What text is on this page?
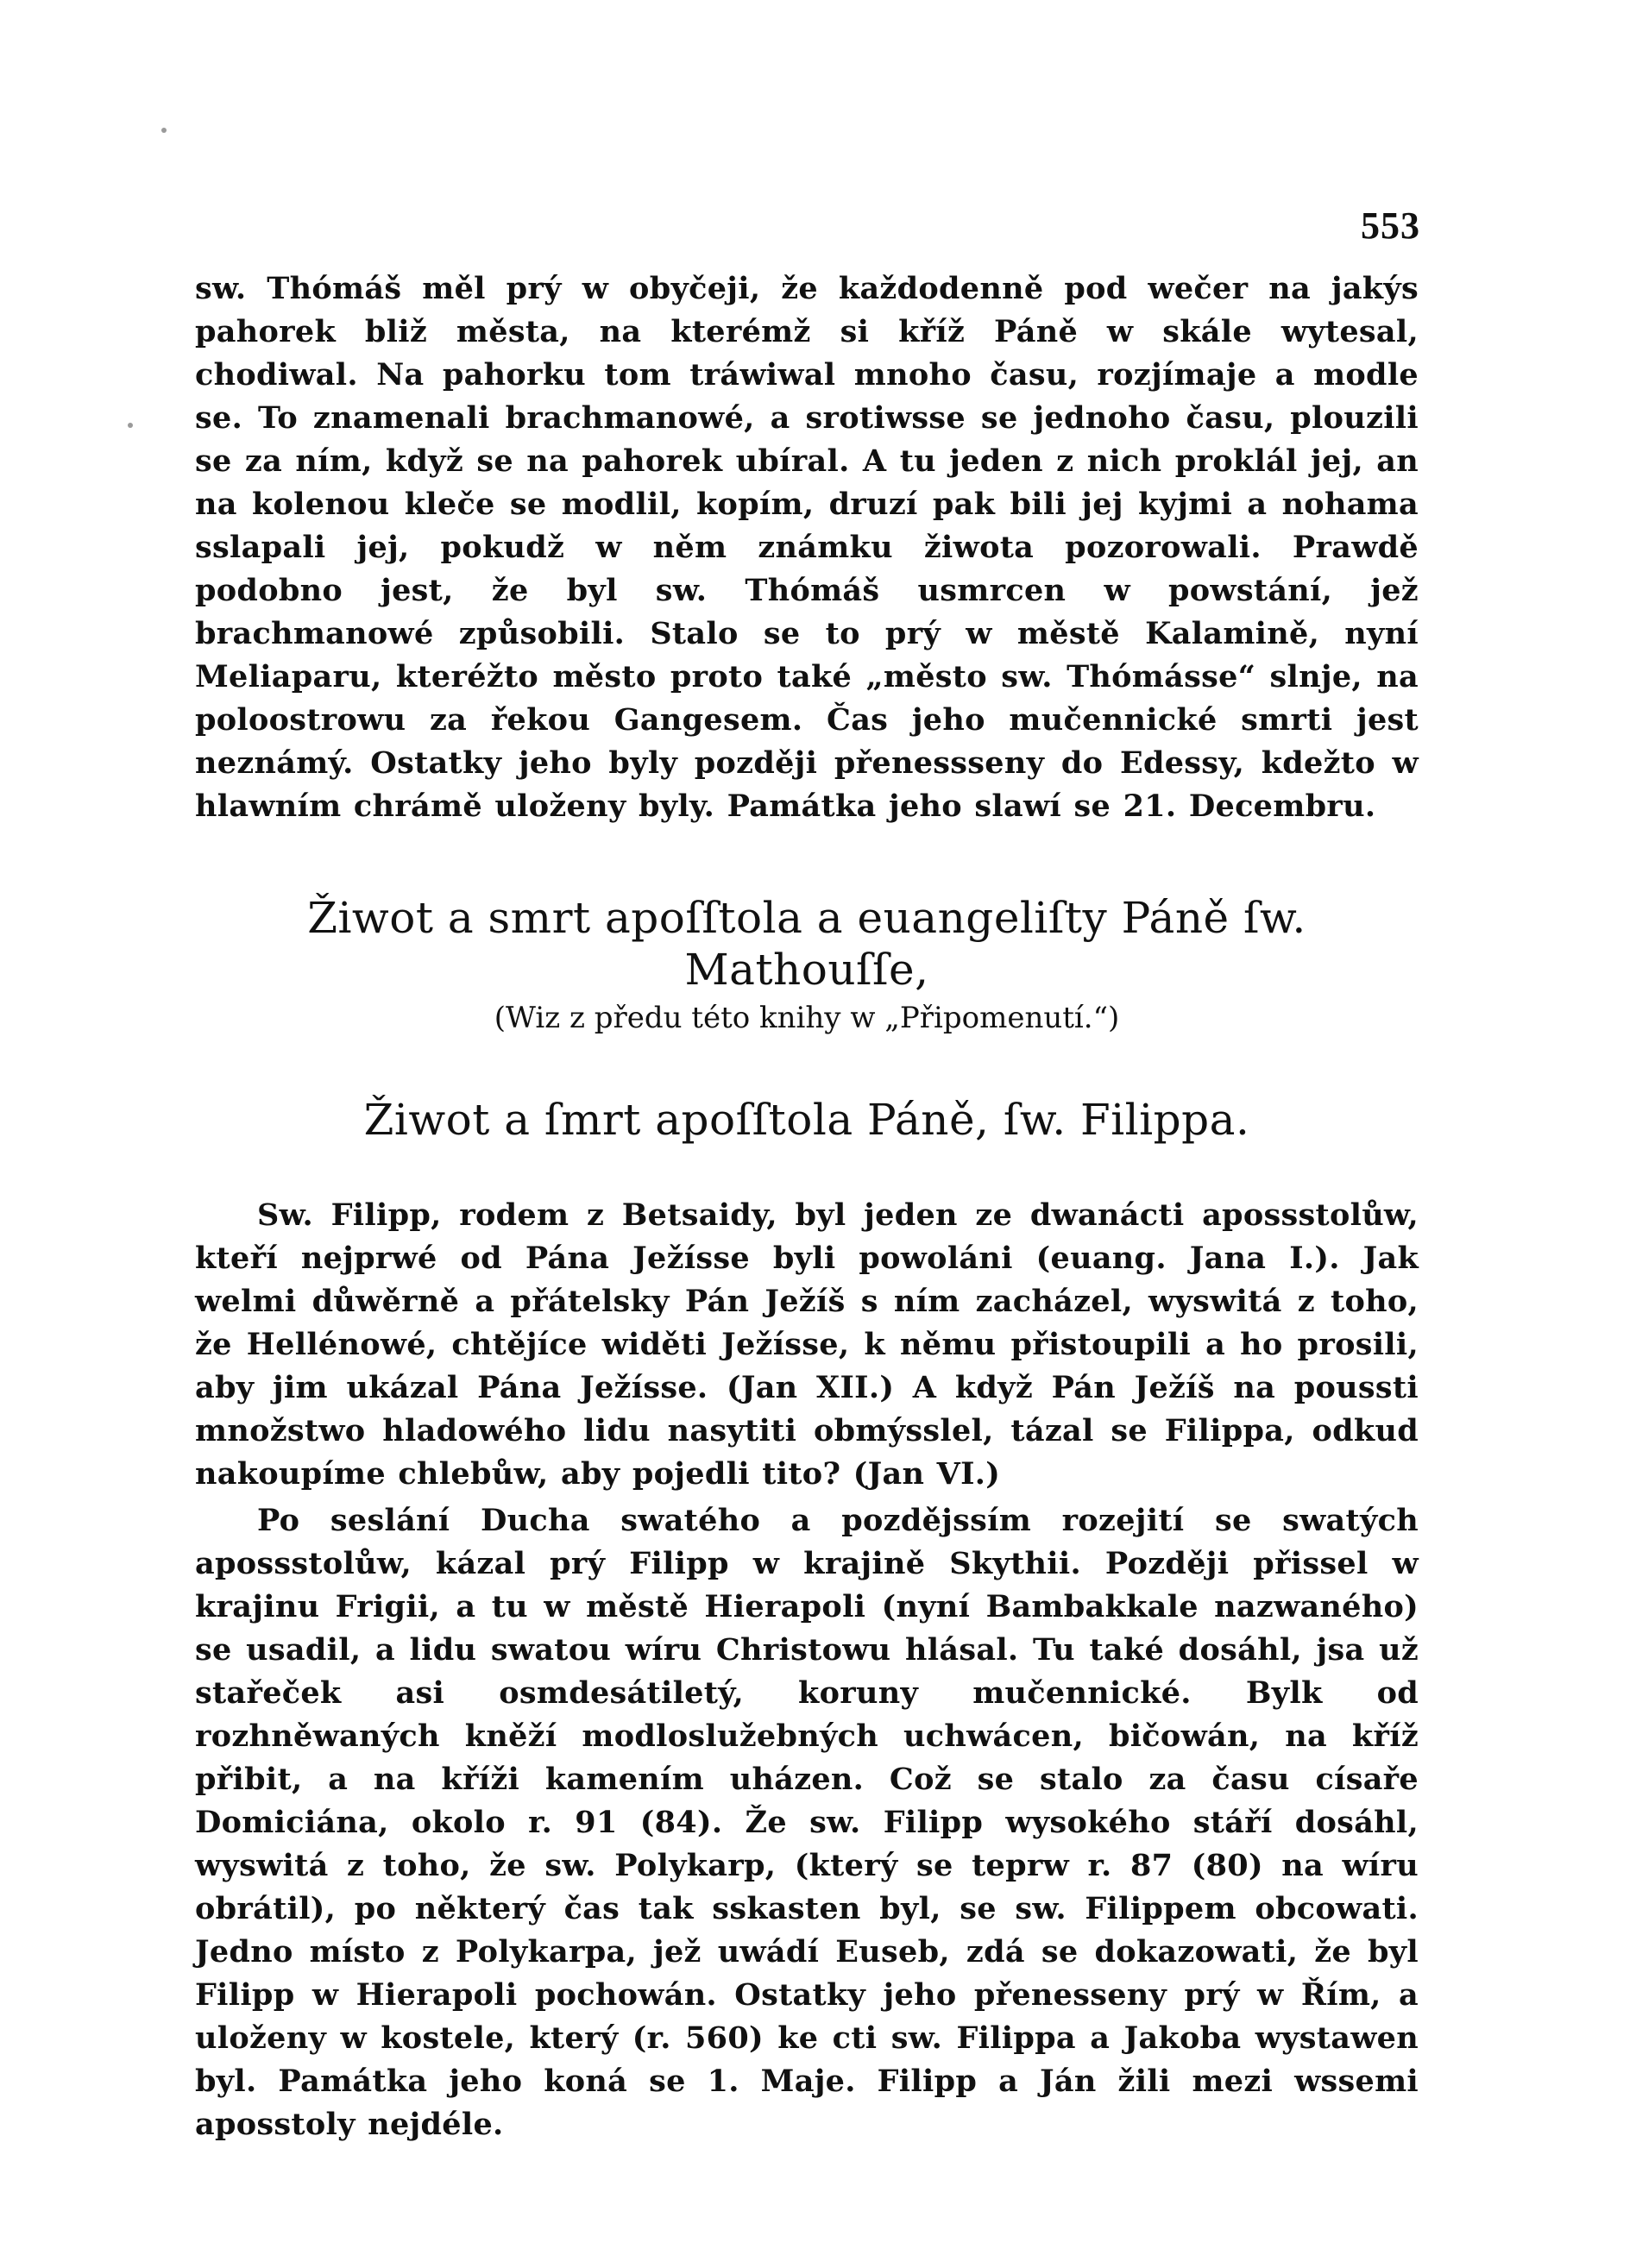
553

sw. Thómáš měl prý w obyčeji, že každodenně pod wečer na jakýs pahorek bliž města, na kterémž si kříž Páně w skále wytesal, chodiwal. Na pahorku tom tráwiwal mnoho času, rozjímaje a modle se. To znamenali brachmanowé, a srotiwsse se jednoho času, plouzili se za ním, když se na pahorek ubíral. A tu jeden z nich proklál jej, an na kolenou kleče se modlil, kopím, druzí pak bili jej kyjmi a nohama sslapali jej, pokudž w něm známku žiwota pozorowali. Prawdě podobno jest, že byl sw. Thómáš usmrcen w powstání, jež brachmanowé způsobili. Stalo se to prý w městě Kalamině, nyní Meliaparu, kteréžto město proto také „město sw. Thómásse“ slnje, na poloostrowu za řekou Gangesem. Čas jeho mučennické smrti jest neznámý. Ostatky jeho byly později přenessseny do Edessy, kdežto w hlawním chrámě uloženy byly. Památka jeho slawí se 21. Decembru.

Žiwot a smrt apoſſtola a euangeliſty Páně ſw. Mathouſſe,

(Wiz z předu této knihy w „Připomenutí.“)

Žiwot a ſmrt apoſſtola Páně, ſw. Filippa.

Sw. Filipp, rodem z Betsaidy, byl jeden ze dwanácti apossstolůw, kteří nejprwé od Pána Ježísse byli powoláni (euang. Jana I.). Jak welmi důwěrně a přátelsky Pán Ježíš s ním zacházel, wyswitá z toho, že Hellénowé, chtějíce widěti Ježísse, k němu přistoupili a ho prosili, aby jim ukázal Pána Ježísse. (Jan XII.) A když Pán Ježíš na poussti množstwo hladowého lidu nasytiti obmýsslel, tázal se Filippa, odkud nakoupíme chlebůw, aby pojedli tito? (Jan VI.)

Po seslání Ducha swatého a pozdějssím rozejití se swatých apossstolůw, kázal prý Filipp w krajině Skythii. Později přissel w krajinu Frigii, a tu w městě Hierapoli (nyní Bambakkale nazwaného) se usadil, a lidu swatou wíru Christowu hlásal. Tu také dosáhl, jsa už stařeček asi osmdesátiletý, koruny mučennické. Bylk od rozhněwaných kněží modloslužebných uchwácen, bičowán, na kříž přibit, a na kříži kamením uházen. Což se stalo za času císaře Domiciána, okolo r. 91 (84). Že sw. Filipp wysokého stáří dosáhl, wyswitá z toho, že sw. Polykarp, (který se teprw r. 87 (80) na wíru obrátil), po některý čas tak sskasten byl, se sw. Filippem obcowati. Jedno místo z Polykarpa, jež uwádí Euseb, zdá se dokazowati, že byl Filipp w Hierapoli pochowán. Ostatky jeho přenesseny prý w Řím, a uloženy w kostele, který (r. 560) ke cti sw. Filippa a Jakoba wystawen byl. Památka jeho koná se 1. Maje. Filipp a Ján žili mezi wssemi aposstoly nejdéle.
